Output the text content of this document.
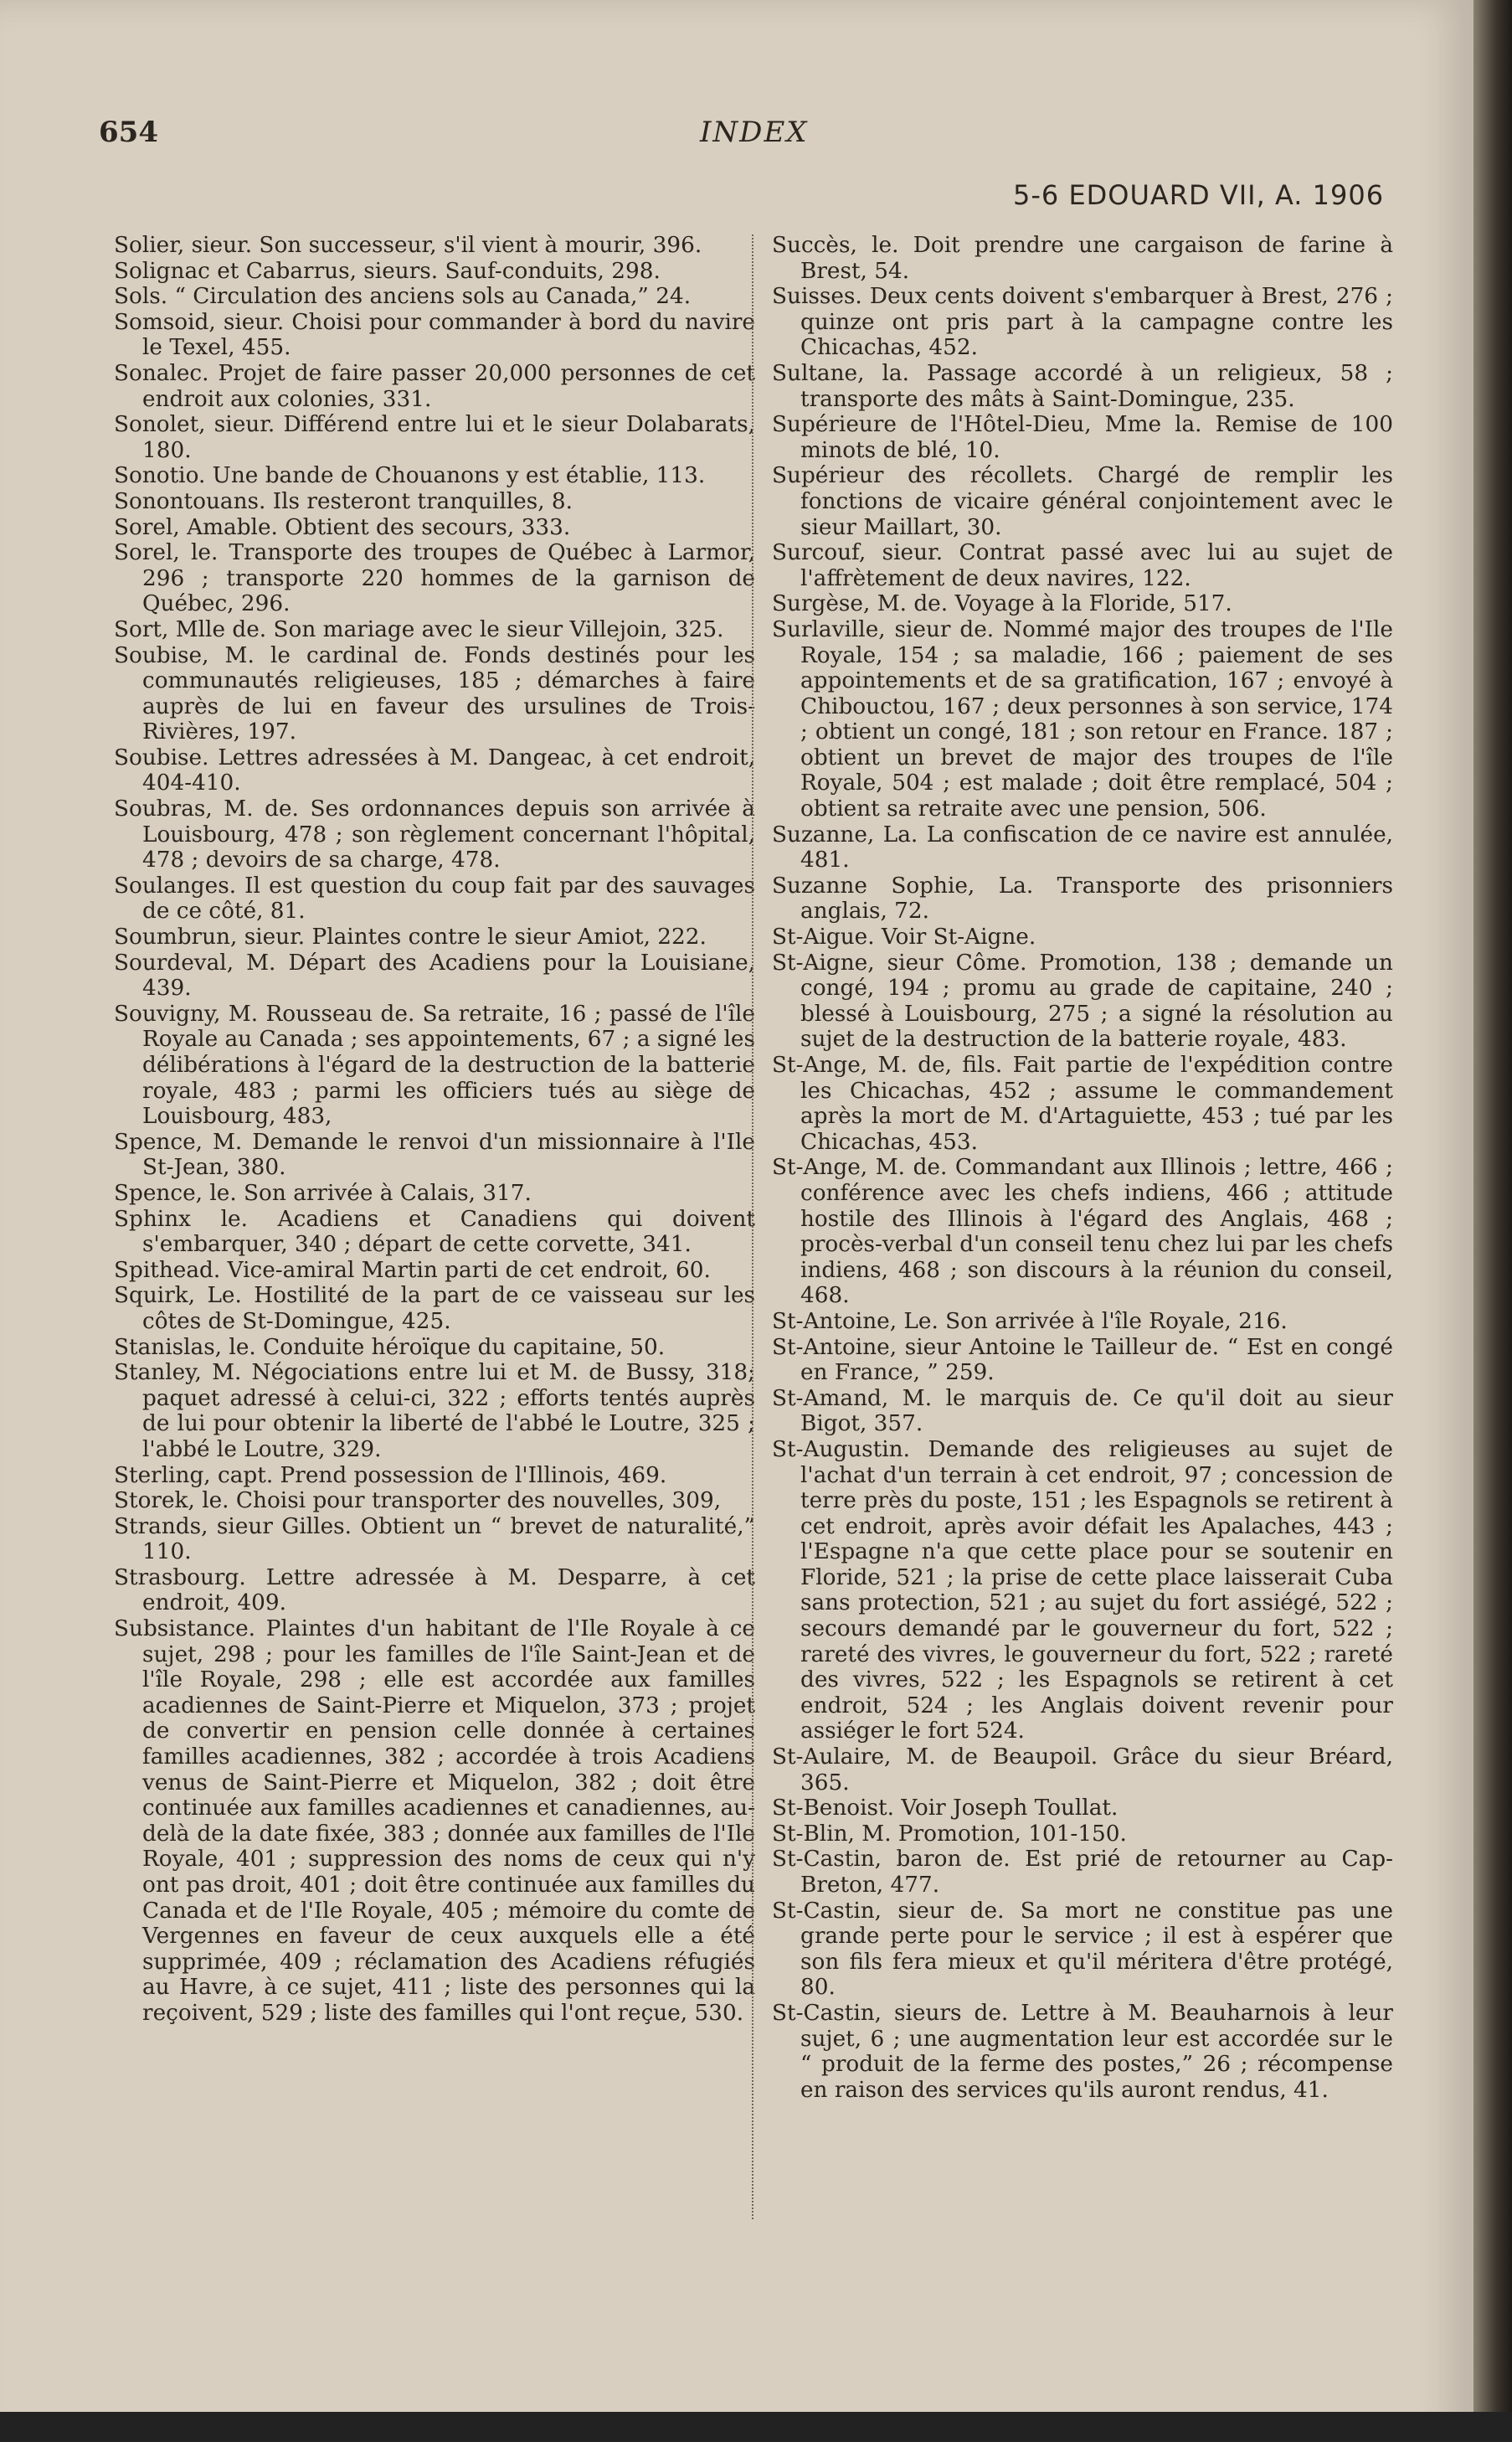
654	INDEX
5-6 EDOUARD VII, A. 1906

Solier, sieur. Son successeur, s'il vient à mourir, 396.

Solignac et Cabarrus, sieurs. Sauf-conduits, 298.

Sols. “ Circulation des anciens sols au Canada,” 24.

Somsoid, sieur. Choisi pour commander à bord du navire le Texel, 455.

Sonalec. Projet de faire passer 20,000 personnes de cet endroit aux colonies, 331.

Sonolet, sieur. Différend entre lui et le sieur Dolabarats, 180.

Sonotio. Une bande de Chouanons y est établie, 113.

Sonontouans. Ils resteront tranquilles, 8.

Sorel, Amable. Obtient des secours, 333.

Sorel, le. Transporte des troupes de Québec à Larmor, 296 ; transporte 220 hommes de la garnison de Québec, 296.

Sort, Mlle de. Son mariage avec le sieur Villejoin, 325.

Soubise, M. le cardinal de. Fonds destinés pour les communautés religieuses, 185 ; démarches à faire auprès de lui en faveur des ursulines de Trois-Rivières, 197.

Soubise. Lettres adressées à M. Dangeac, à cet endroit, 404-410.

Soubras, M. de. Ses ordonnances depuis son arrivée à Louisbourg, 478 ; son règlement concernant l'hôpital, 478 ; devoirs de sa charge, 478.

Soulanges. Il est question du coup fait par des sauvages de ce côté, 81.

Soumbrun, sieur. Plaintes contre le sieur Amiot, 222.

Sourdeval, M. Départ des Acadiens pour la Louisiane, 439.

Souvigny, M. Rousseau de. Sa retraite, 16 ; passé de l'île Royale au Canada ; ses appointements, 67 ; a signé les délibérations à l'égard de la destruction de la batterie royale, 483 ; parmi les officiers tués au siège de Louisbourg, 483,

Spence, M. Demande le renvoi d'un missionnaire à l'Ile St-Jean, 380.

Spence, le. Son arrivée à Calais, 317.

Sphinx le. Acadiens et Canadiens qui doivent s'embarquer, 340 ; départ de cette corvette, 341.

Spithead. Vice-amiral Martin parti de cet endroit, 60.

Squirk, Le. Hostilité de la part de ce vaisseau sur les côtes de St-Domingue, 425.

Stanislas, le. Conduite héroïque du capitaine, 50.

Stanley, M. Négociations entre lui et M. de Bussy, 318; paquet adressé à celui-ci, 322 ; efforts tentés auprès de lui pour obtenir la liberté de l'abbé le Loutre, 325 ; l'abbé le Loutre, 329.

Sterling, capt. Prend possession de l'Illinois, 469.

Storek, le. Choisi pour transporter des nouvelles, 309,

Strands, sieur Gilles. Obtient un “ brevet de naturalité,” 110.

Strasbourg. Lettre adressée à M. Desparre, à cet endroit, 409.

Subsistance. Plaintes d'un habitant de l'Ile Royale à ce sujet, 298 ; pour les familles de l'île Saint-Jean et de l'île Royale, 298 ; elle est accordée aux familles acadiennes de Saint-Pierre et Miquelon, 373 ; projet de convertir en pension celle donnée à certaines familles acadiennes, 382 ; accordée à trois Acadiens venus de Saint-Pierre et Miquelon, 382 ; doit être continuée aux familles acadiennes et canadiennes, au-delà de la date fixée, 383 ; donnée aux familles de l'Ile Royale, 401 ; suppression des noms de ceux qui n'y ont pas droit, 401 ; doit être continuée aux familles du Canada et de l'Ile Royale, 405 ; mémoire du comte de Vergennes en faveur de ceux auxquels elle a été supprimée, 409 ; réclamation des Acadiens réfugiés au Havre, à ce sujet, 411 ; liste des personnes qui la reçoivent, 529 ; liste des familles qui l'ont reçue, 530.

Succès, le. Doit prendre une cargaison de farine à Brest, 54.

Suisses. Deux cents doivent s'embarquer à Brest, 276 ; quinze ont pris part à la campagne contre les Chicachas, 452.

Sultane, la. Passage accordé à un religieux, 58 ; transporte des mâts à Saint-Domingue, 235.

Supérieure de l'Hôtel-Dieu, Mme la. Remise de 100 minots de blé, 10.

Supérieur des récollets. Chargé de remplir les fonctions de vicaire général conjointement avec le sieur Maillart, 30.

Surcouf, sieur. Contrat passé avec lui au sujet de l'affrètement de deux navires, 122.

Surgèse, M. de. Voyage à la Floride, 517.

Surlaville, sieur de. Nommé major des troupes de l'Ile Royale, 154 ; sa maladie, 166 ; paiement de ses appointements et de sa gratification, 167 ; envoyé à Chibouctou, 167 ; deux personnes à son service, 174 ; obtient un congé, 181 ; son retour en France. 187 ; obtient un brevet de major des troupes de l'île Royale, 504 ; est malade ; doit être remplacé, 504 ; obtient sa retraite avec une pension, 506.

Suzanne, La. La confiscation de ce navire est annulée, 481.

Suzanne Sophie, La. Transporte des prisonniers anglais, 72.

St-Aigue. Voir St-Aigne.

St-Aigne, sieur Côme. Promotion, 138 ; demande un congé, 194 ; promu au grade de capitaine, 240 ; blessé à Louisbourg, 275 ; a signé la résolution au sujet de la destruction de la batterie royale, 483.

St-Ange, M. de, fils. Fait partie de l'expédition contre les Chicachas, 452 ; assume le commandement après la mort de M. d'Artaguiette, 453 ; tué par les Chicachas, 453.

St-Ange, M. de. Commandant aux Illinois ; lettre, 466 ; conférence avec les chefs indiens, 466 ; attitude hostile des Illinois à l'égard des Anglais, 468 ; procès-verbal d'un conseil tenu chez lui par les chefs indiens, 468 ; son discours à la réunion du conseil, 468.

St-Antoine, Le. Son arrivée à l'île Royale, 216.

St-Antoine, sieur Antoine le Tailleur de. “ Est en congé en France, ” 259.

St-Amand, M. le marquis de. Ce qu'il doit au sieur Bigot, 357.

St-Augustin. Demande des religieuses au sujet de l'achat d'un terrain à cet endroit, 97 ; concession de terre près du poste, 151 ; les Espagnols se retirent à cet endroit, après avoir défait les Apalaches, 443 ; l'Espagne n'a que cette place pour se soutenir en Floride, 521 ; la prise de cette place laisserait Cuba sans protection, 521 ; au sujet du fort assiégé, 522 ; secours demandé par le gouverneur du fort, 522 ; rareté des vivres, le gouverneur du fort, 522 ; rareté des vivres, 522 ; les Espagnols se retirent à cet endroit, 524 ; les Anglais doivent revenir pour assiéger le fort 524.

St-Aulaire, M. de Beaupoil. Grâce du sieur Bréard, 365.

St-Benoist. Voir Joseph Toullat.

St-Blin, M. Promotion, 101-150.

St-Castin, baron de. Est prié de retourner au Cap-Breton, 477.

St-Castin, sieur de. Sa mort ne constitue pas une grande perte pour le service ; il est à espérer que son fils fera mieux et qu'il méritera d'être protégé, 80.

St-Castin, sieurs de. Lettre à M. Beauharnois à leur sujet, 6 ; une augmentation leur est accordée sur le “ produit de la ferme des postes,” 26 ; récompense en raison des services qu'ils auront rendus, 41.
